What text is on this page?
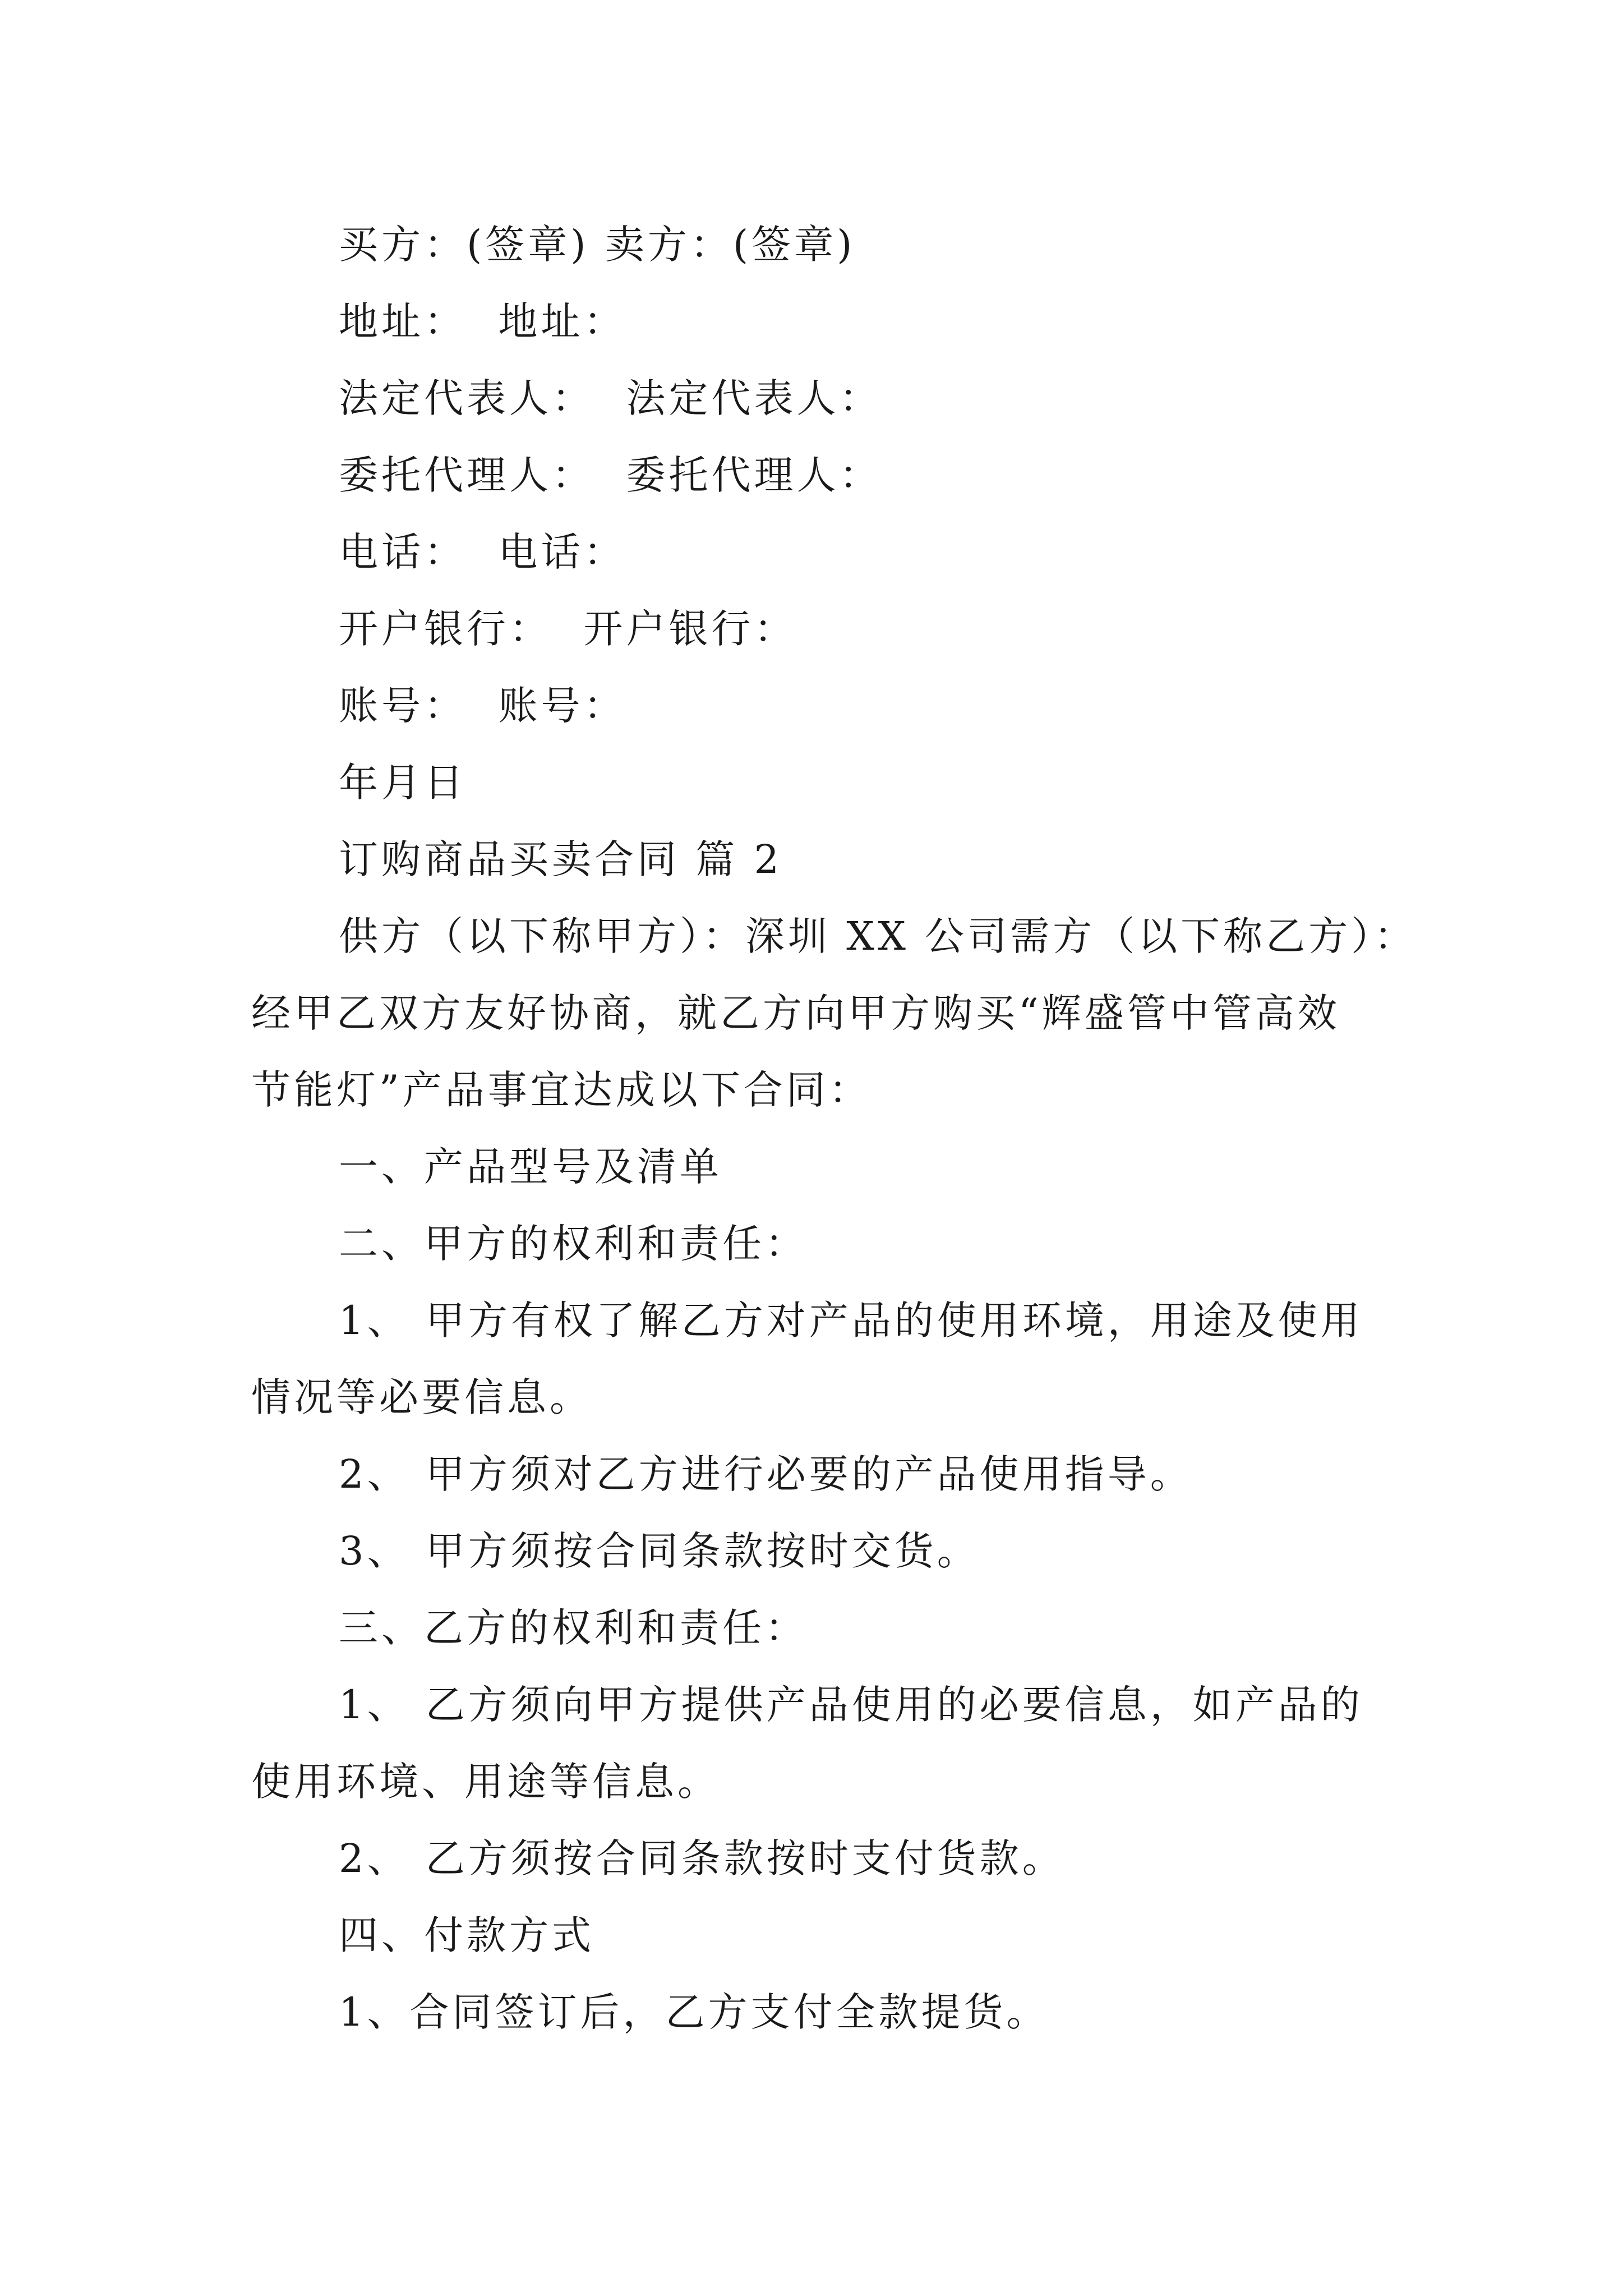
买方：(签章) 卖方：(签章)
地址：  地址：
法定代表人：  法定代表人：
委托代理人：  委托代理人：
电话：  电话：
开户银行：  开户银行：
账号：  账号：
年月日
订购商品买卖合同 篇 2
供方（以下称甲方）：深圳 XX 公司需方（以下称乙方）：
经甲乙双方友好协商，就乙方向甲方购买“辉盛管中管高效
节能灯”产品事宜达成以下合同：
一、产品型号及清单
二、甲方的权利和责任：
1、 甲方有权了解乙方对产品的使用环境，用途及使用
情况等必要信息。
2、 甲方须对乙方进行必要的产品使用指导。
3、 甲方须按合同条款按时交货。
三、乙方的权利和责任：
1、 乙方须向甲方提供产品使用的必要信息，如产品的
使用环境、用途等信息。
2、 乙方须按合同条款按时支付货款。
四、付款方式
1、合同签订后，乙方支付全款提货。
